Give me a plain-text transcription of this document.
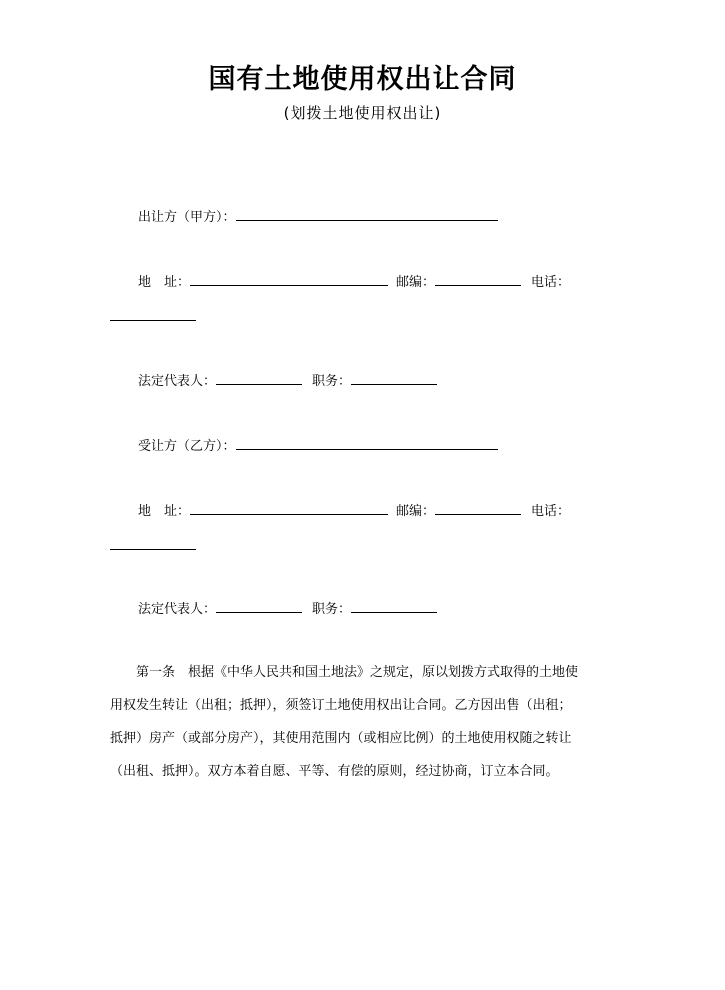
国有土地使用权出让合同
(划拨土地使用权出让)
出让方（甲方）：
地　址：	邮编：	电话：
法定代表人：	职务：
受让方（乙方）：
地　址：	邮编：	电话：
法定代表人：	职务：
　　第一条　根据《中华人民共和国土地法》之规定，原以划拨方式取得的土地使
用权发生转让（出租；抵押），须签订土地使用权出让合同。乙方因出售（出租；
抵押）房产（或部分房产），其使用范围内（或相应比例）的土地使用权随之转让
（出租、抵押）。双方本着自愿、平等、有偿的原则，经过协商，订立本合同。
